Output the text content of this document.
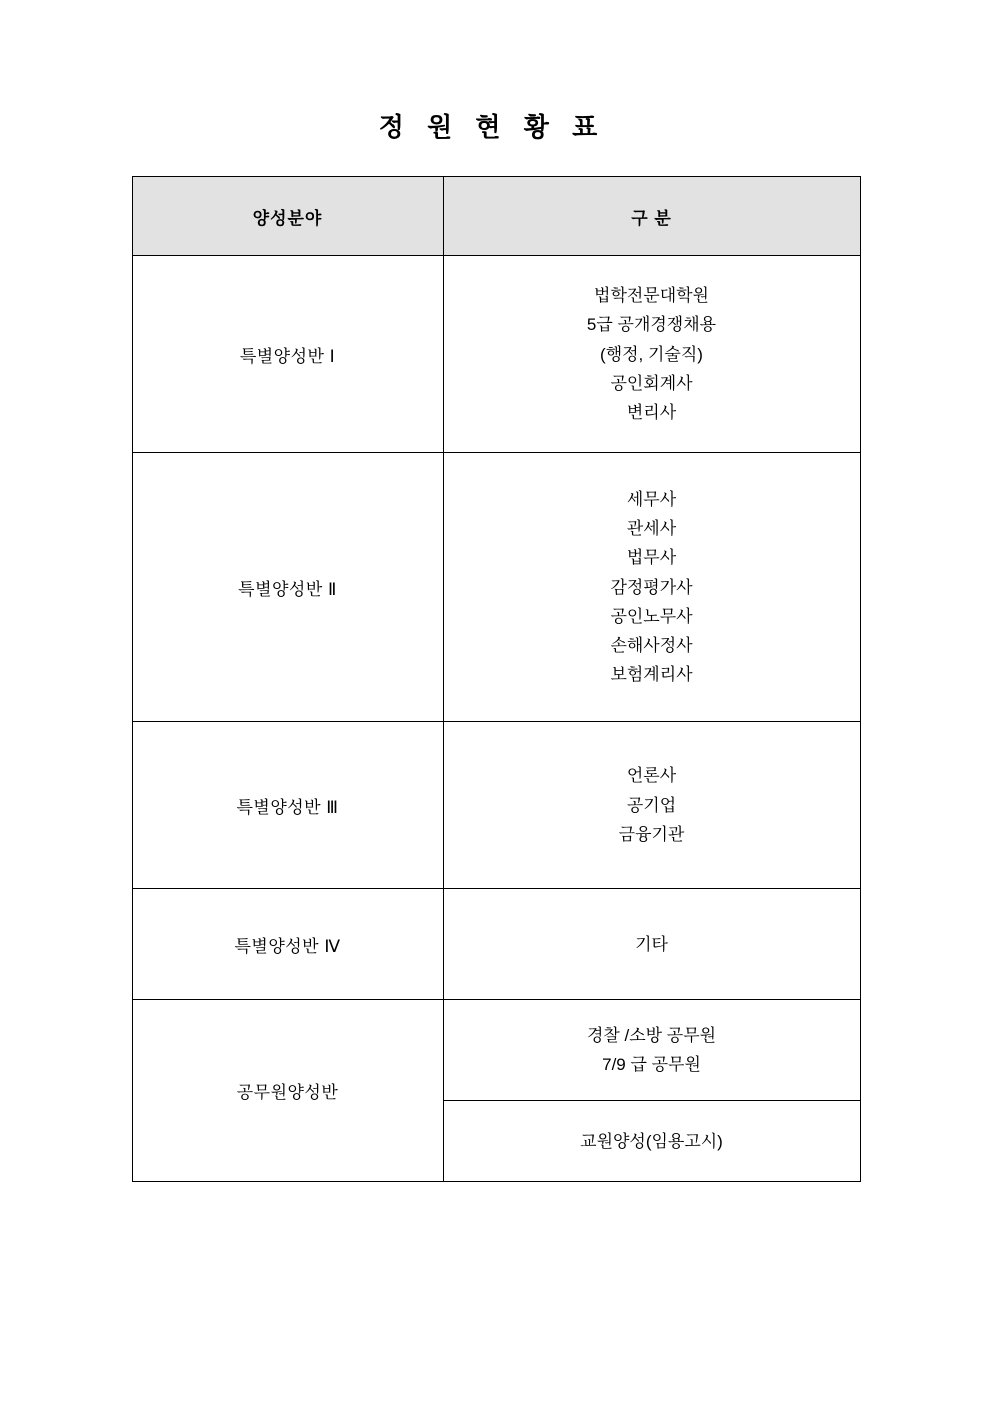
정 원 현 황 표
양성분야	구 분
특별양성반 Ⅰ	법학전문대학원
5급 공개경쟁채용
(행정, 기술직)
공인회계사
변리사

특별양성반 Ⅱ	
세무사
관세사
법무사
감정평가사
공인노무사
손해사정사
보험계리사

특별양성반 Ⅲ	언론사
공기업
금융기관

특별양성반 Ⅳ	기타

공무원양성반	경찰 /소방 공무원
7/9 급 공무원

	교원양성(임용고시)
